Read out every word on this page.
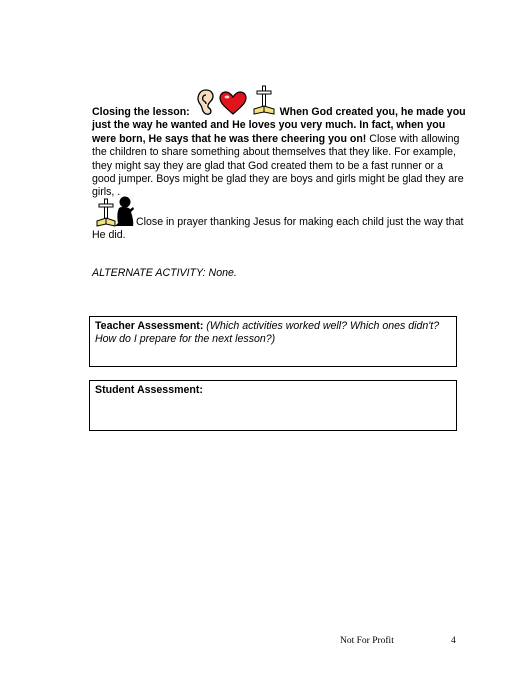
Closing the lesson:	When God created you, he made you just the way he wanted and He loves you very much. In fact, when you were born, He says that he was there cheering you on! Close with allowing the children to share something about themselves that they like. For example, they might say they are glad that God created them to be a fast runner or a good jumper. Boys might be glad they are boys and girls might be glad they are girls, .
Close in prayer thanking Jesus for making each child just the way that He did.
ALTERNATE ACTIVITY: None.
Teacher Assessment: (Which activities worked well? Which ones didn't? How do I prepare for the next lesson?)
Student Assessment:
Not For Profit	4
